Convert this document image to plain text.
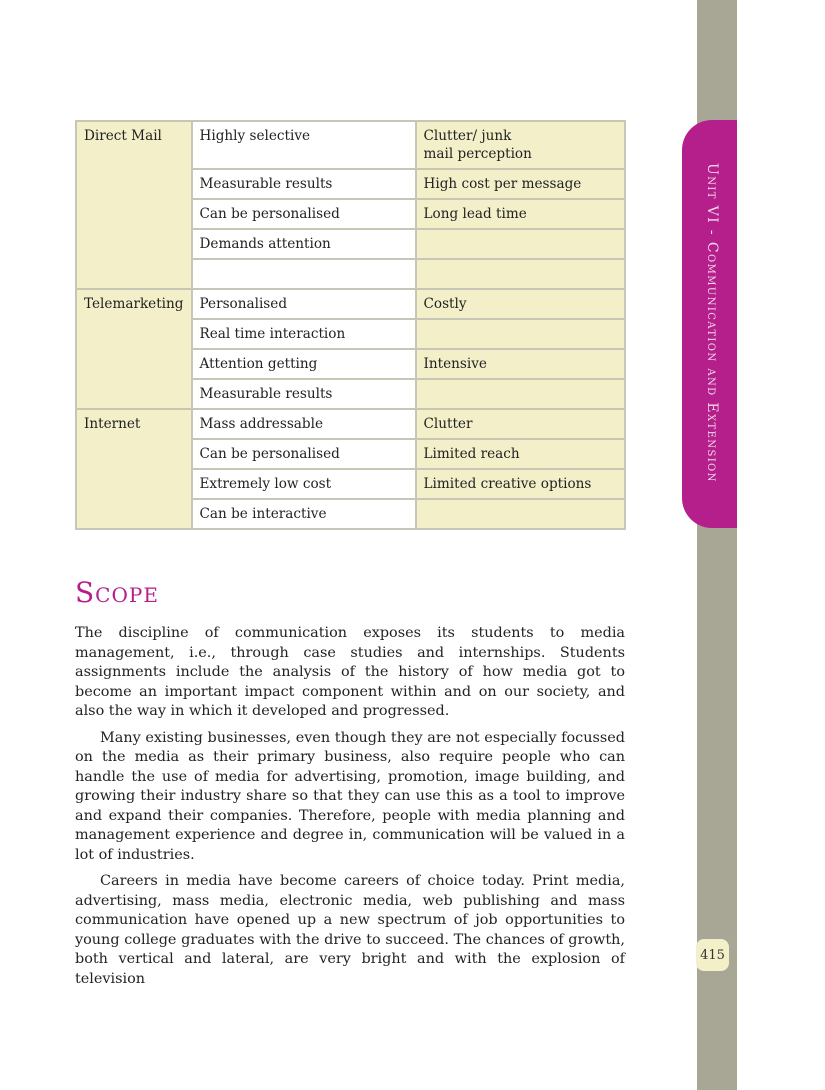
Unit VI - Communication and Extension
415
Direct Mail	Highly selective	Clutter/ junk
mail perception
	Measurable results	High cost per message
	Can be personalised	Long lead time
	Demands attention	

Telemarketing	Personalised	Costly
	Real time interaction	
	Attention getting	Intensive
	Measurable results	
Internet	Mass addressable	Clutter
	Can be personalised	Limited reach
	Extremely low cost	Limited creative options
	Can be interactive	
Scope

The discipline of communication exposes its students to media management, i.e., through case studies and internships. Students assignments include the analysis of the history of how media got to become an important impact component within and on our society, and also the way in which it developed and progressed.

Many existing businesses, even though they are not especially focussed on the media as their primary business, also require people who can handle the use of media for advertising, promotion, image building, and growing their industry share so that they can use this as a tool to improve and expand their companies. Therefore, people with media planning and management experience and degree in, communication will be valued in a lot of industries.

Careers in media have become careers of choice today. Print media, advertising, mass media, electronic media, web publishing and mass communication have opened up a new spectrum of job opportunities to young college graduates with the drive to succeed. The chances of growth, both vertical and lateral, are very bright and with the explosion of television
